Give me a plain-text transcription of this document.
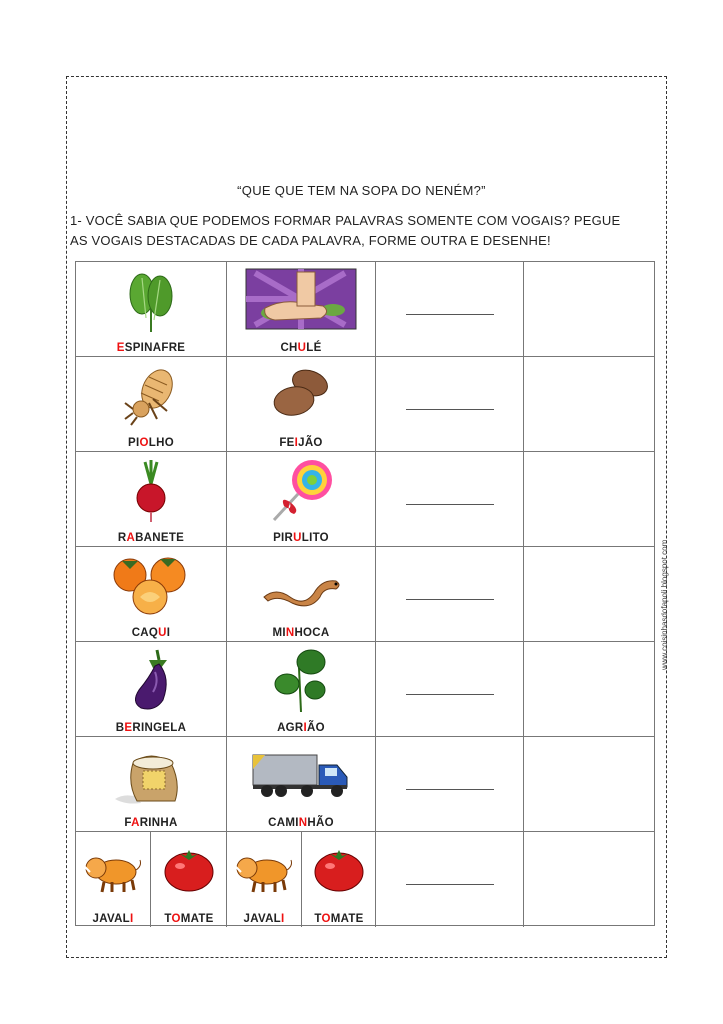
“QUE QUE TEM NA SOPA DO NENÉM?”
1- VOCÊ SABIA QUE PODEMOS FORMAR PALAVRAS SOMENTE COM VOGAIS? PEGUE
AS VOGAIS DESTACADAS DE CADA PALAVRA, FORME OUTRA E DESENHE!
www.coisinhasdofapoli.blogspot.com
ESPINAFRE	CHULÉ
PIOLHO	FEIJÃO
RABANETE	PIRULITO
CAQUI	MINHOCA
BERINGELA	AGRIÃO
FARINHA	CAMINHÃO
JAVALI	TOMATE	JAVALI	TOMATE
